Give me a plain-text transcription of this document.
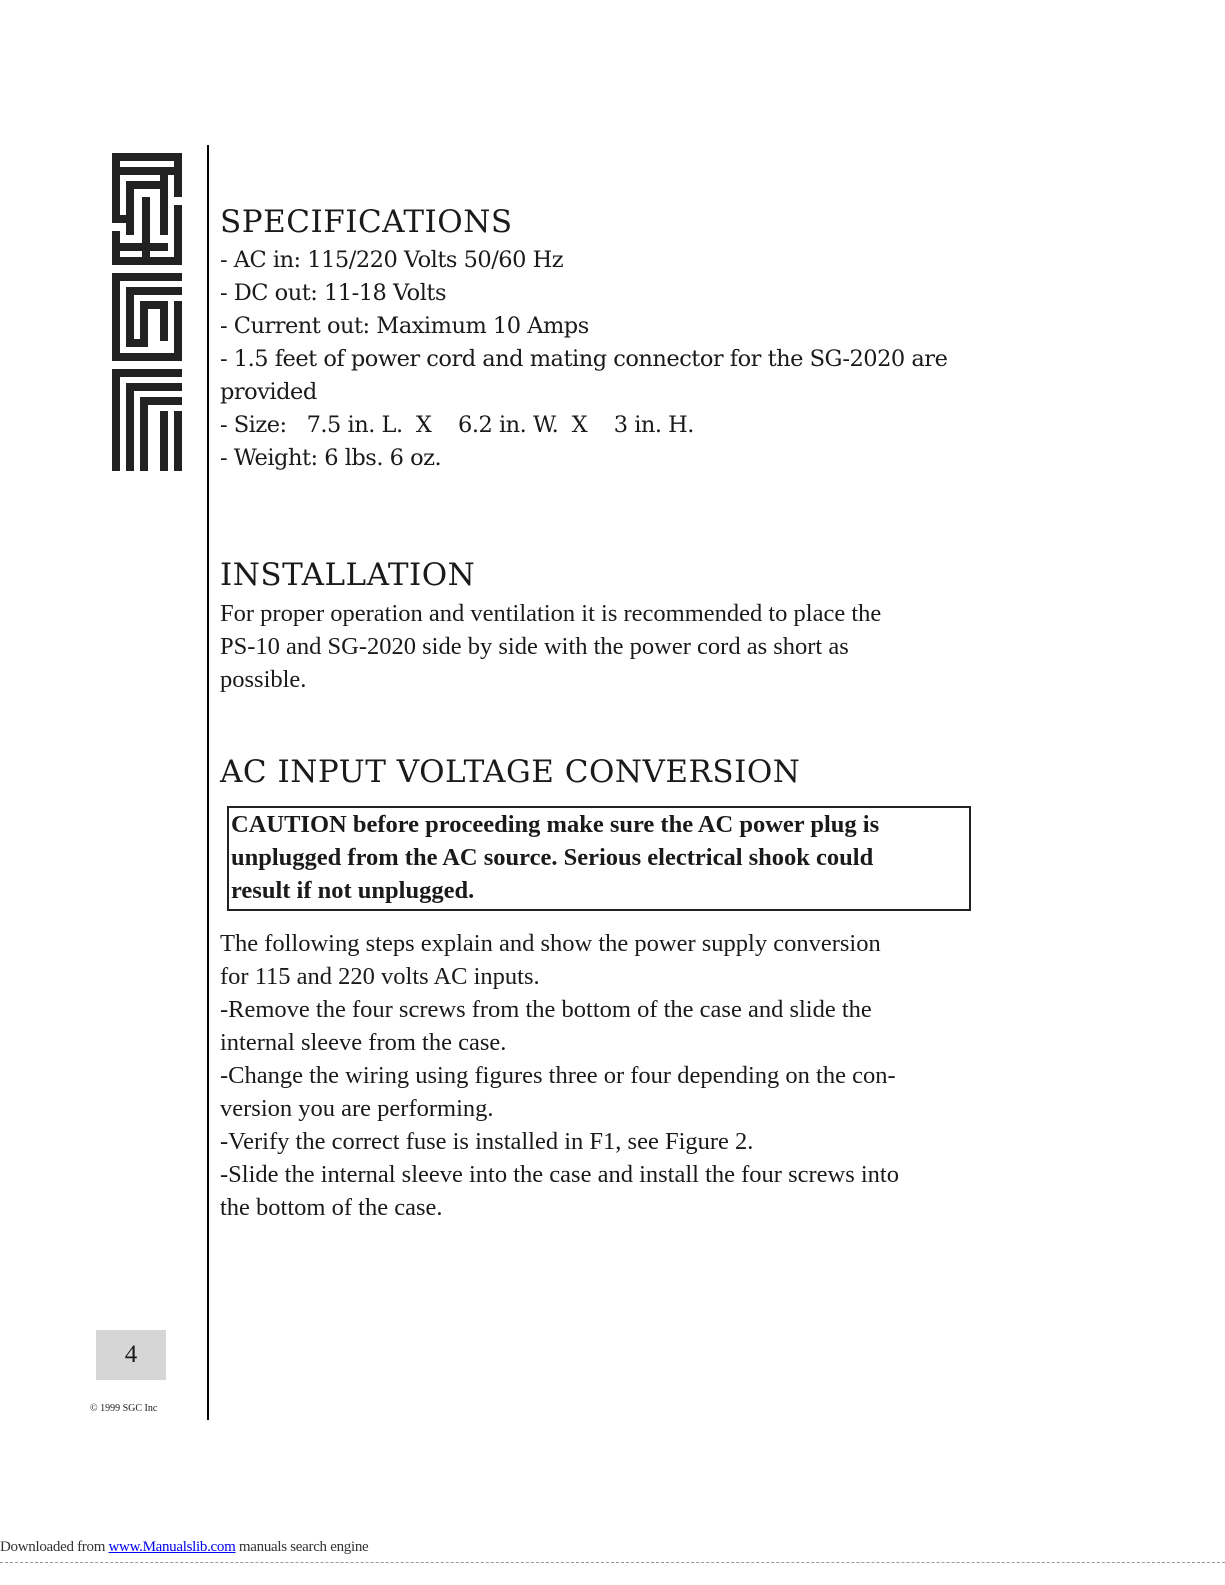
SPECIFICATIONS

- AC in: 115/220 Volts 50/60 Hz

- DC out: 11-18 Volts

- Current out: Maximum 10 Amps

- 1.5 feet of power cord and mating connector for the SG-2020 are

provided

- Size:   7.5 in. L.  X    6.2 in. W.  X    3 in. H.

- Weight: 6 lbs. 6 oz.

INSTALLATION

For proper operation and ventilation it is recommended to place the

PS-10 and SG-2020 side by side with the power cord as short as

possible.

AC INPUT VOLTAGE CONVERSION
CAUTION before proceeding make sure the AC power plug is
unplugged from the AC source. Serious electrical shook could
result if not unplugged.

The following steps explain and show the power supply conversion

for 115 and 220 volts AC inputs.

-Remove the four screws from the bottom of the case and slide the

internal sleeve from the case.

-Change the wiring using figures three or four depending on the con-

version you are performing.

-Verify the correct fuse is installed in F1, see Figure 2.

-Slide the internal sleeve into the case and install the four screws into

the bottom of the case.

4
© 1999 SGC Inc
Downloaded from www.Manualslib.com manuals search engine
